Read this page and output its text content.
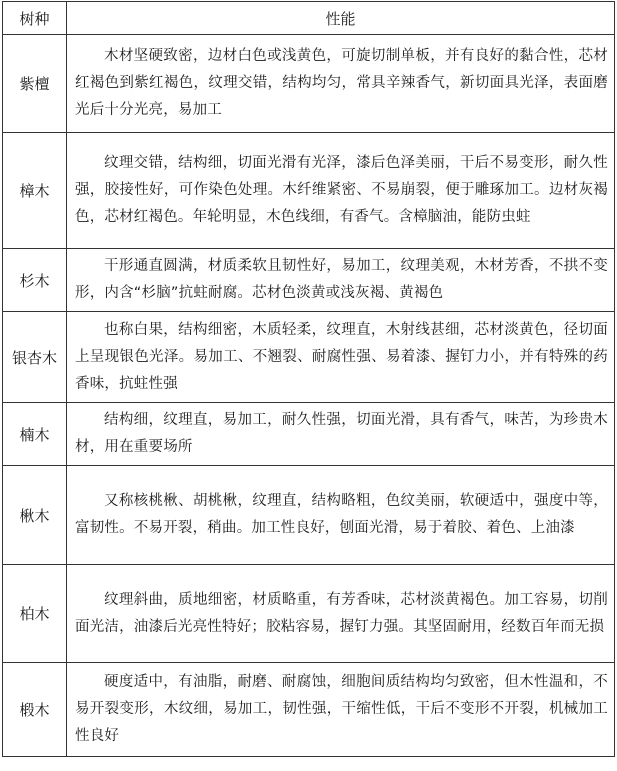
树种	性能
紫檀	木材坚硬致密，边材白色或浅黄色，可旋切制单板，并有良好的黏合性，芯材红褐色到紫红褐色，纹理交错，结构均匀，常具辛辣香气，新切面具光泽，表面磨光后十分光亮，易加工
樟木	纹理交错，结构细，切面光滑有光泽，漆后色泽美丽，干后不易变形，耐久性强，胶接性好，可作染色处理。木纤维紧密、不易崩裂，便于雕琢加工。边材灰褐色，芯材红褐色。年轮明显，木色线细，有香气。含樟脑油，能防虫蛀
杉木	干形通直圆满，材质柔软且韧性好，易加工，纹理美观，木材芳香，不拱不变形，内含“杉脑”抗蛀耐腐。芯材色淡黄或浅灰褐、黄褐色
银杏木	也称白果，结构细密，木质轻柔，纹理直，木射线甚细，芯材淡黄色，径切面上呈现银色光泽。易加工、不翘裂、耐腐性强、易着漆、握钉力小，并有特殊的药香味，抗蛀性强
楠木	结构细，纹理直，易加工，耐久性强，切面光滑，具有香气，味苦，为珍贵木材，用在重要场所
楸木	又称核桃楸、胡桃楸，纹理直，结构略粗，色纹美丽，软硬适中，强度中等，富韧性。不易开裂，稍曲。加工性良好，刨面光滑，易于着胶、着色、上油漆
柏木	纹理斜曲，质地细密，材质略重，有芳香味，芯材淡黄褐色。加工容易，切削面光洁，油漆后光亮性特好；胶粘容易，握钉力强。其坚固耐用，经数百年而无损
椴木	硬度适中，有油脂，耐磨、耐腐蚀，细胞间质结构均匀致密，但木性温和，不易开裂变形，木纹细，易加工，韧性强，干缩性低，干后不变形不开裂，机械加工性良好
